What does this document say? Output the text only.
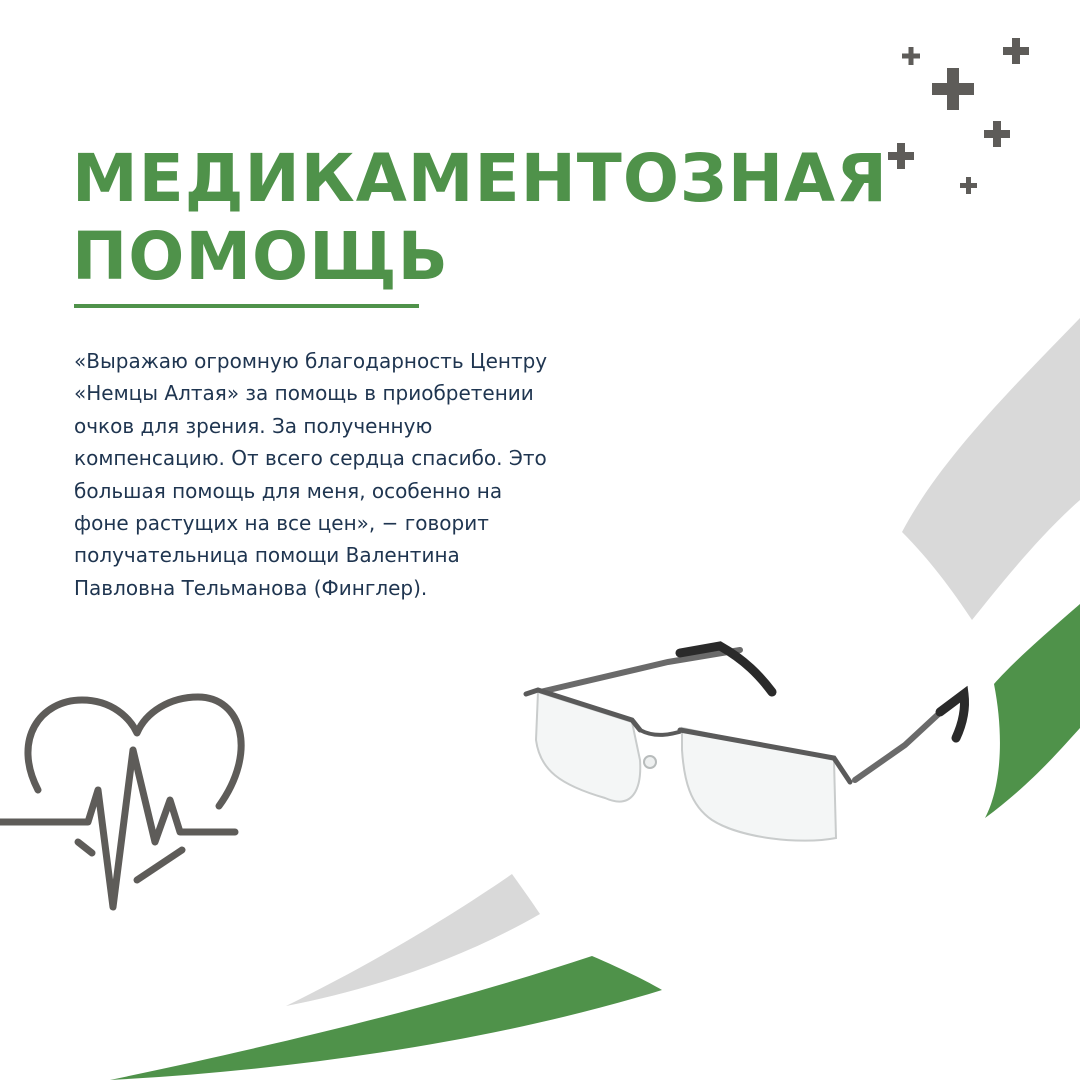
МЕДИКАМЕНТОЗНАЯ
ПОМОЩЬ

«Выражаю огромную благодарность Центру
«Немцы Алтая» за помощь в приобретении
очков для зрения. За полученную
компенсацию. От всего сердца спасибо. Это
большая помощь для меня, особенно на
фоне растущих на все цен», − говорит
получательница помощи Валентина
Павловна Тельманова (Финглер).
